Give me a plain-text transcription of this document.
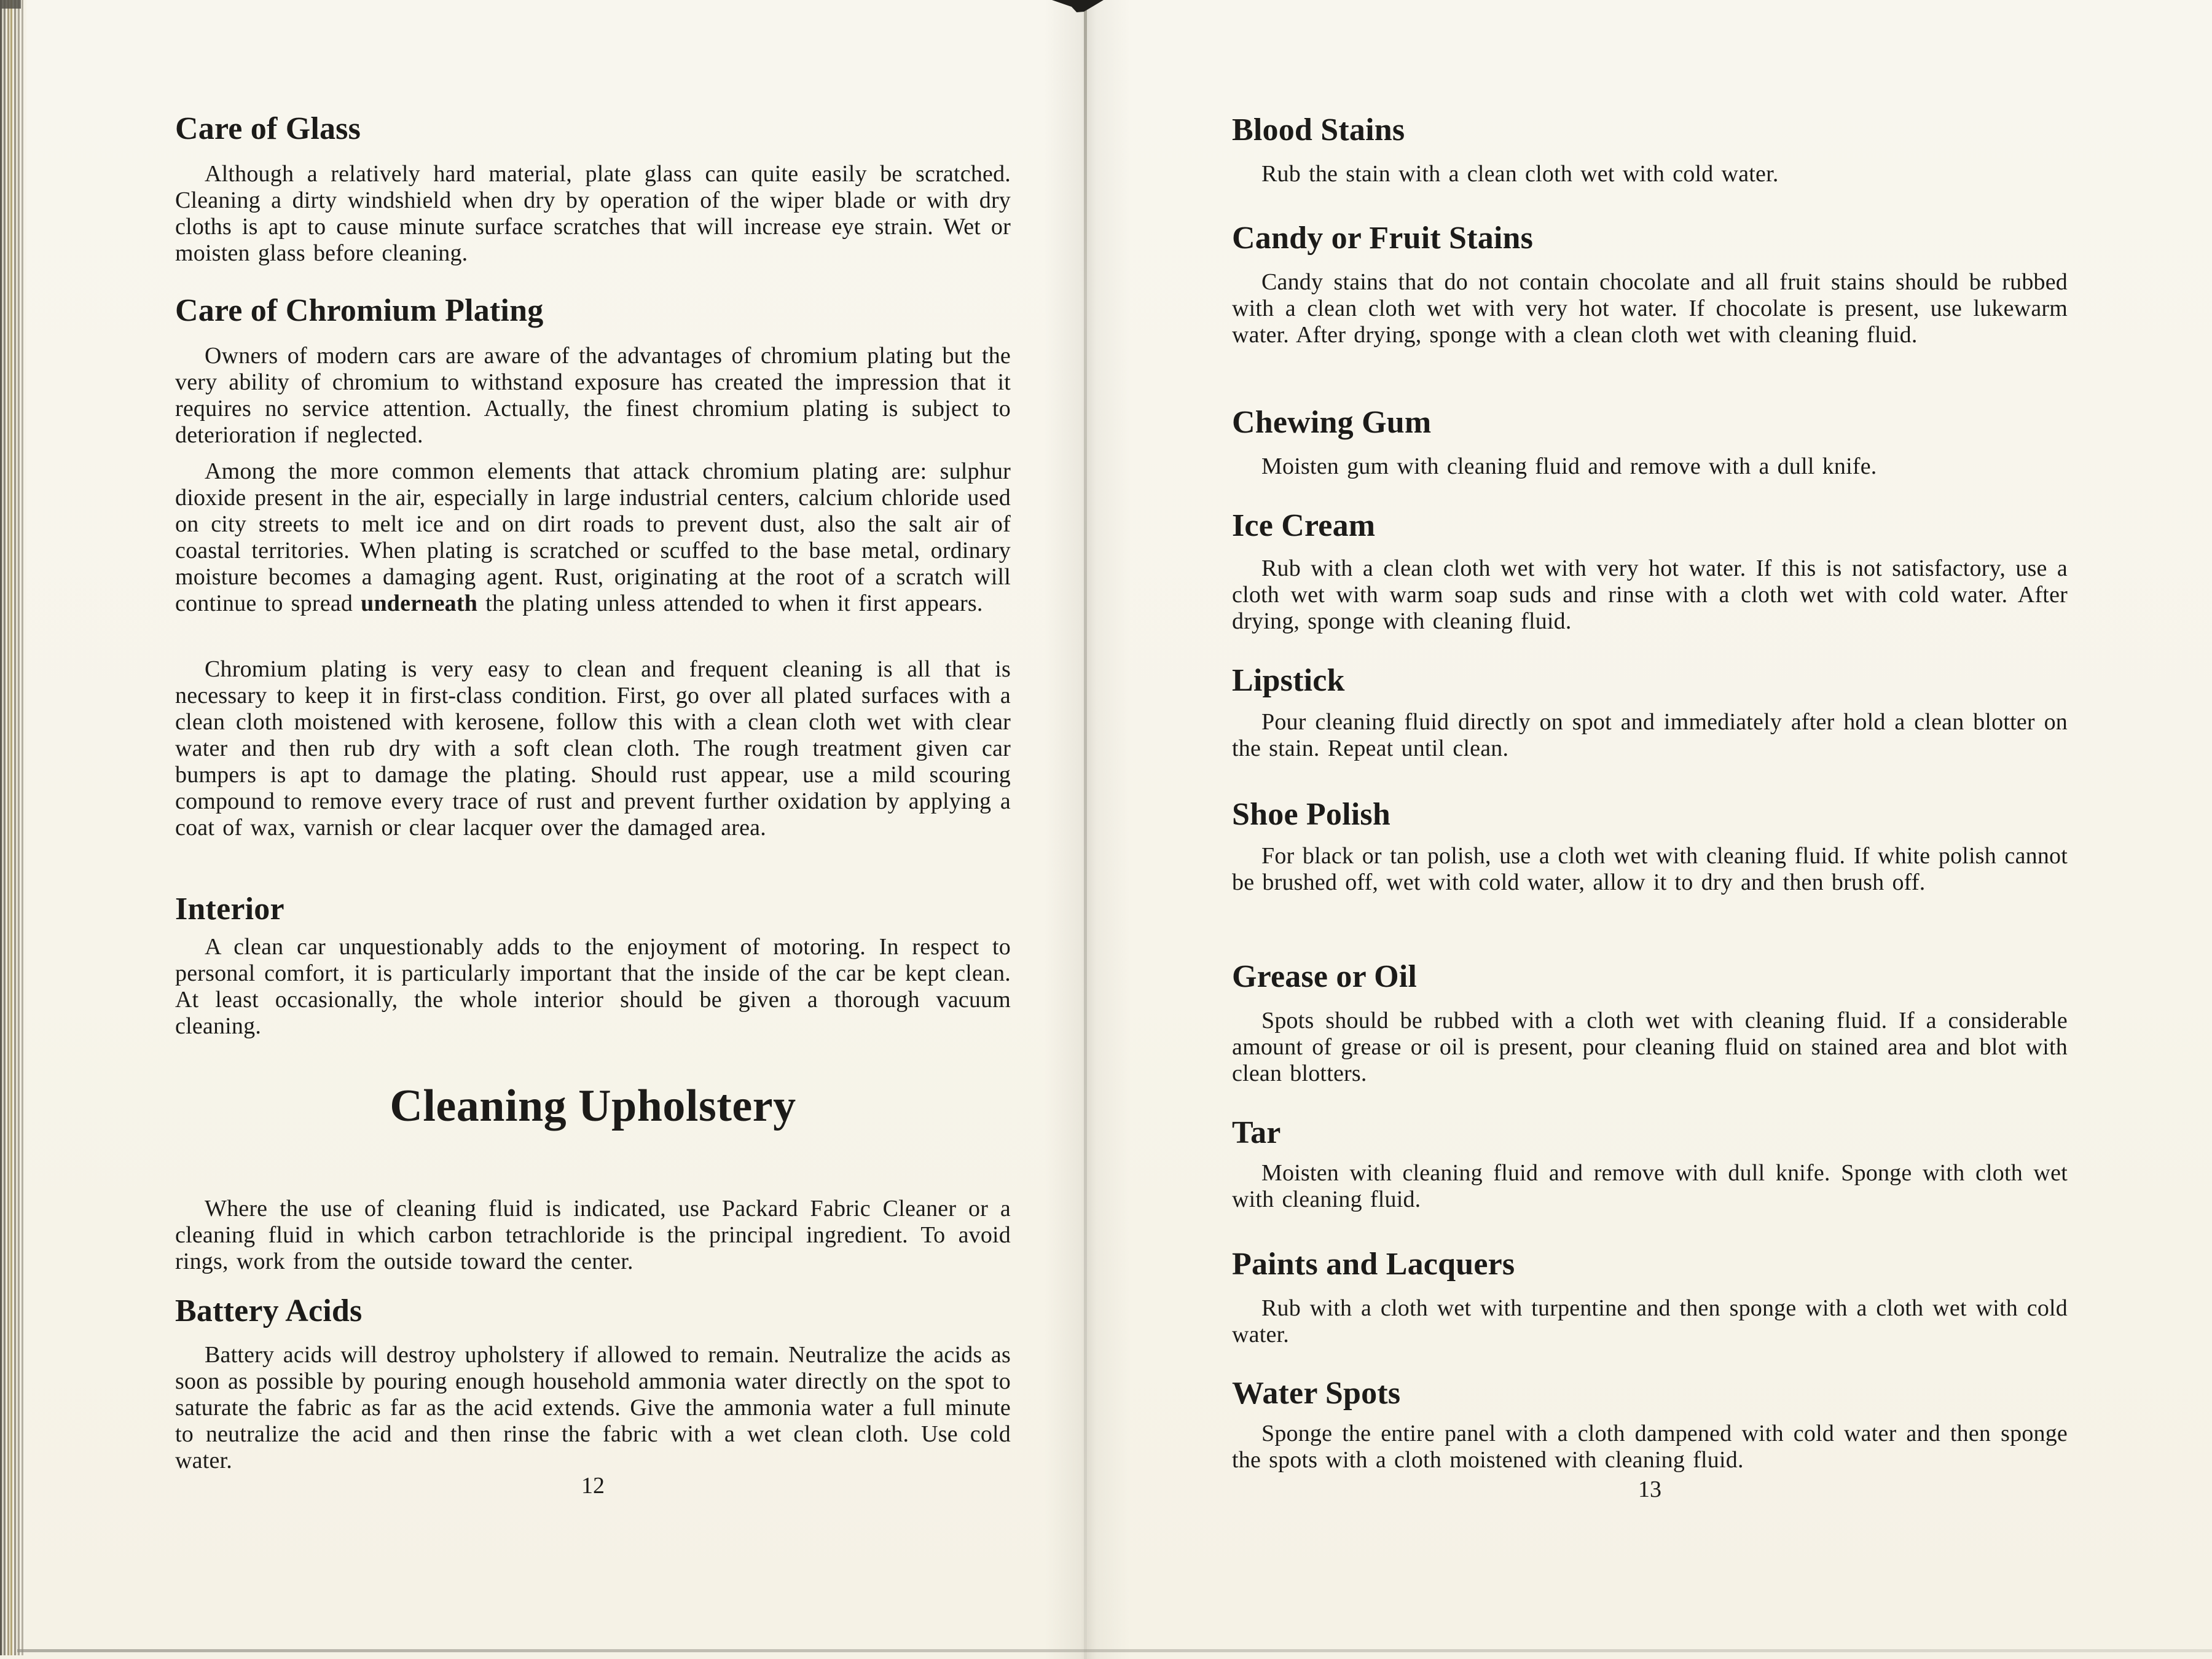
Care of Glass

Although a relatively hard material, plate glass can quite easily be scratched. Cleaning a dirty windshield when dry by operation of the wiper blade or with dry cloths is apt to cause minute surface scratches that will increase eye strain. Wet or moisten glass before cleaning.

Care of Chromium Plating

Owners of modern cars are aware of the advantages of chromium plating but the very ability of chromium to withstand exposure has created the impression that it requires no service attention. Actually, the finest chromium plating is subject to deterioration if neglected.

Among the more common elements that attack chromium plating are: sulphur dioxide present in the air, especially in large industrial centers, calcium chloride used on city streets to melt ice and on dirt roads to prevent dust, also the salt air of coastal territories. When plating is scratched or scuffed to the base metal, ordinary moisture becomes a damaging agent. Rust, originating at the root of a scratch will continue to spread underneath the plating unless attended to when it first appears.

Chromium plating is very easy to clean and frequent cleaning is all that is necessary to keep it in first-class condition. First, go over all plated surfaces with a clean cloth moistened with kerosene, follow this with a clean cloth wet with clear water and then rub dry with a soft clean cloth. The rough treatment given car bumpers is apt to damage the plating. Should rust appear, use a mild scouring compound to remove every trace of rust and prevent further oxidation by applying a coat of wax, varnish or clear lacquer over the damaged area.

Interior

A clean car unquestionably adds to the enjoyment of motoring. In respect to personal comfort, it is particularly important that the inside of the car be kept clean. At least occasionally, the whole interior should be given a thorough vacuum cleaning.

Cleaning Upholstery

Where the use of cleaning fluid is indicated, use Packard Fabric Cleaner or a cleaning fluid in which carbon tetrachloride is the principal ingredient. To avoid rings, work from the outside toward the center.

Battery Acids

Battery acids will destroy upholstery if allowed to remain. Neutralize the acids as soon as possible by pouring enough household ammonia water directly on the spot to saturate the fabric as far as the acid extends. Give the ammonia water a full minute to neutralize the acid and then rinse the fabric with a wet clean cloth. Use cold water.

12
Blood Stains

Rub the stain with a clean cloth wet with cold water.

Candy or Fruit Stains

Candy stains that do not contain chocolate and all fruit stains should be rubbed with a clean cloth wet with very hot water. If chocolate is present, use lukewarm water. After drying, sponge with a clean cloth wet with cleaning fluid.

Chewing Gum

Moisten gum with cleaning fluid and remove with a dull knife.

Ice Cream

Rub with a clean cloth wet with very hot water. If this is not satisfactory, use a cloth wet with warm soap suds and rinse with a cloth wet with cold water. After drying, sponge with cleaning fluid.

Lipstick

Pour cleaning fluid directly on spot and immediately after hold a clean blotter on the stain. Repeat until clean.

Shoe Polish

For black or tan polish, use a cloth wet with cleaning fluid. If white polish cannot be brushed off, wet with cold water, allow it to dry and then brush off.

Grease or Oil

Spots should be rubbed with a cloth wet with cleaning fluid. If a considerable amount of grease or oil is present, pour cleaning fluid on stained area and blot with clean blotters.

Tar

Moisten with cleaning fluid and remove with dull knife. Sponge with cloth wet with cleaning fluid.

Paints and Lacquers

Rub with a cloth wet with turpentine and then sponge with a cloth wet with cold water.

Water Spots

Sponge the entire panel with a cloth dampened with cold water and then sponge the spots with a cloth moistened with cleaning fluid.

13
